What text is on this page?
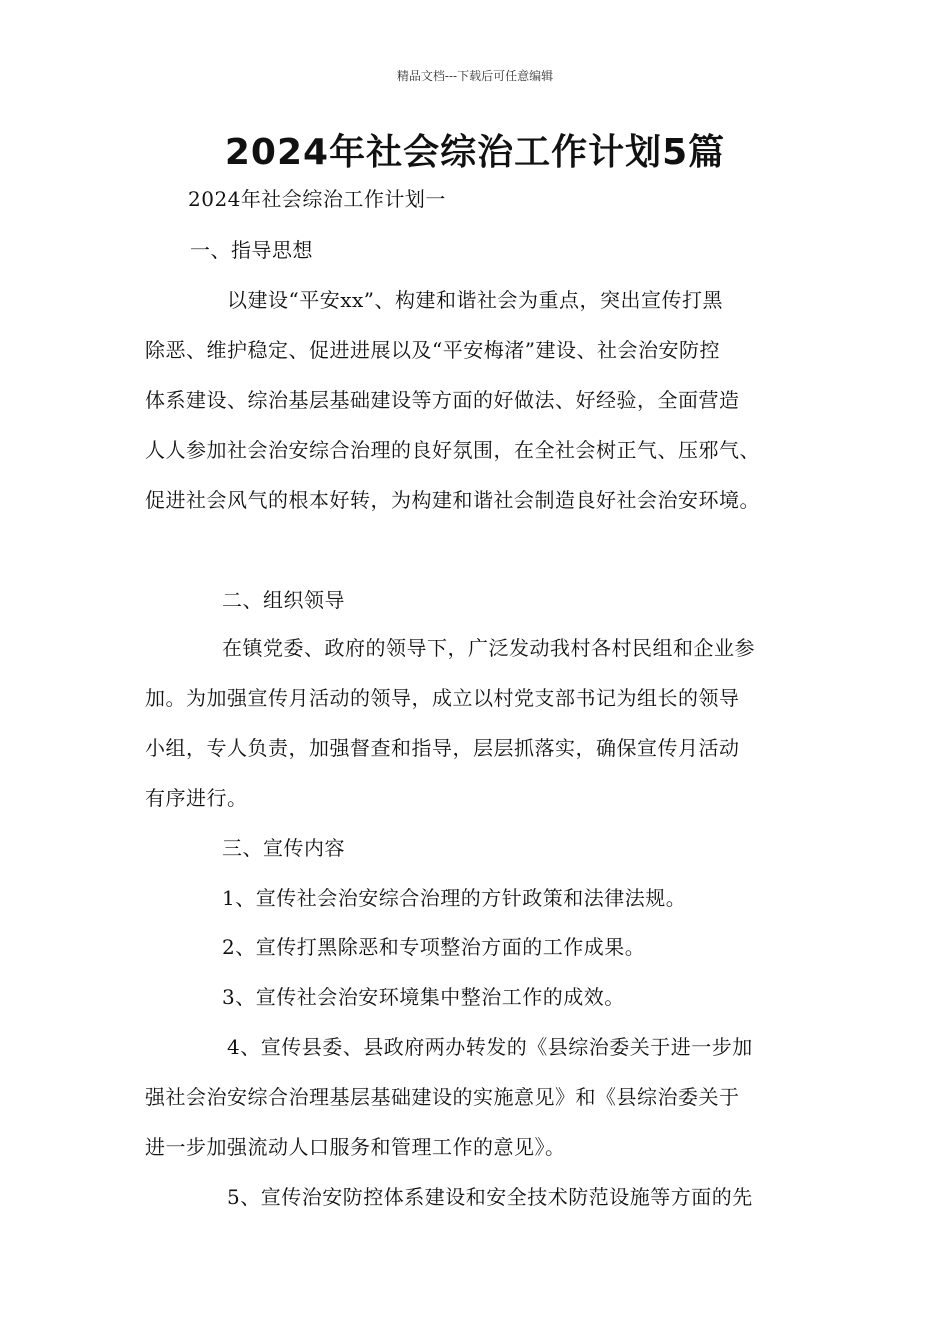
精品文档---下载后可任意编辑
2024年社会综治工作计划5篇
2024年社会综治工作计划一
一、指导思想
以建设“平安xx”、构建和谐社会为重点，突出宣传打黑
除恶、维护稳定、促进进展以及“平安梅渚”建设、社会治安防控
体系建设、综治基层基础建设等方面的好做法、好经验，全面营造
人人参加社会治安综合治理的良好氛围，在全社会树正气、压邪气、
促进社会风气的根本好转，为构建和谐社会制造良好社会治安环境。
二、组织领导
在镇党委、政府的领导下，广泛发动我村各村民组和企业参
加。为加强宣传月活动的领导，成立以村党支部书记为组长的领导
小组，专人负责，加强督查和指导，层层抓落实，确保宣传月活动
有序进行。
三、宣传内容
1、宣传社会治安综合治理的方针政策和法律法规。
2、宣传打黑除恶和专项整治方面的工作成果。
3、宣传社会治安环境集中整治工作的成效。
4、宣传县委、县政府两办转发的《县综治委关于进一步加
强社会治安综合治理基层基础建设的实施意见》和《县综治委关于
进一步加强流动人口服务和管理工作的意见》。
5、宣传治安防控体系建设和安全技术防范设施等方面的先
